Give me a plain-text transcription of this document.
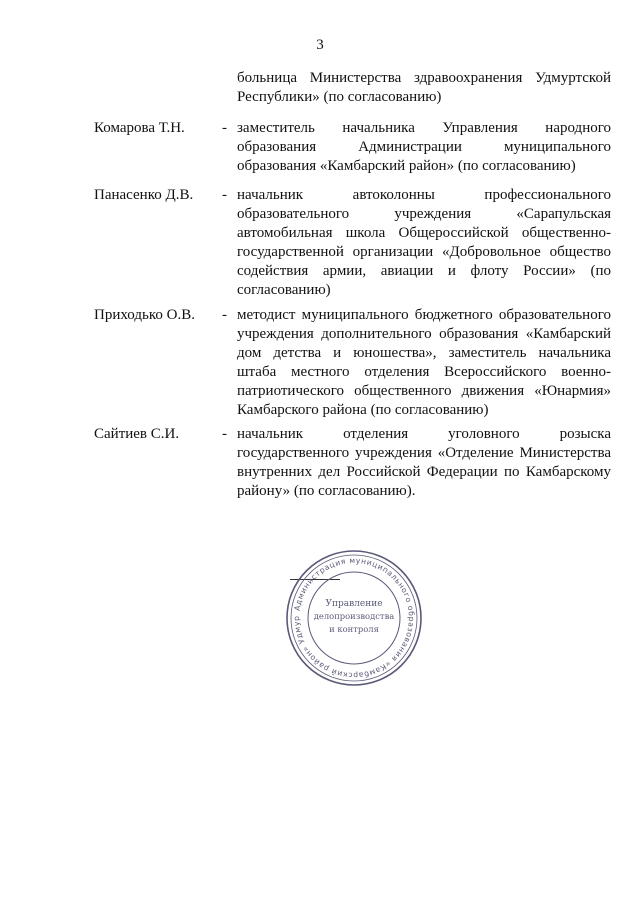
3
больница Министерства здравоохранения Удмуртской Республики» (по согласованию)
Комарова Т.Н. - заместитель начальника Управления народного образования Администрации муниципального образования «Камбарский район» (по согласованию)
Панасенко Д.В. - начальник автоколонны профессионального образовательного учреждения «Сарапульская автомобильная школа Общероссийской общественно-государственной организации «Добровольное общество содействия армии, авиации и флоту России» (по согласованию)
Приходько О.В. - методист муниципального бюджетного образовательного учреждения дополнительного образования «Камбарский дом детства и юношества», заместитель начальника штаба местного отделения Всероссийского военно-патриотического общественного движения «Юнармия» Камбарского района (по согласованию)
Сайтиев С.И.	- начальник отделения уголовного розыска государственного учреждения «Отделение Министерства внутренних дел Российской Федерации по Камбарскому району» (по согласованию).
Администрация муниципального образования «Камбарский район» Удмур
Управление
делопроизводства
и контроля
